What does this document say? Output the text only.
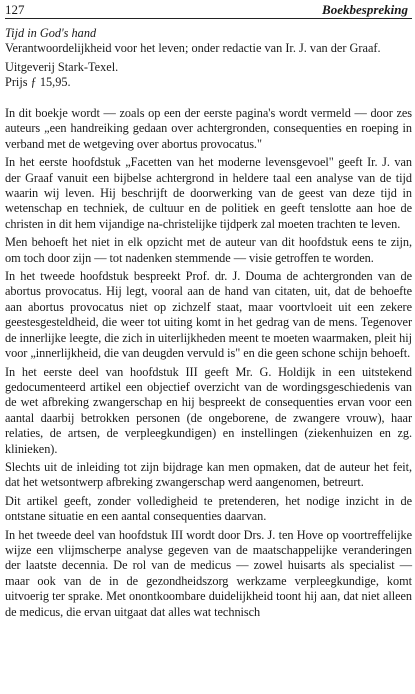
127	Boekbespreking
Tijd in God's hand
Verantwoordelijkheid voor het leven; onder redactie van Ir. J. van der Graaf.
Uitgeverij Stark-Texel.
Prijs ƒ 15,95.

In dit boekje wordt — zoals op een der eerste pagina's wordt vermeld — door zes auteurs „een handreiking gedaan over achtergronden, consequenties en roeping in verband met de wetgeving over abortus provocatus."

In het eerste hoofdstuk „Facetten van het moderne levensgevoel" geeft Ir. J. van der Graaf vanuit een bijbelse achtergrond in heldere taal een analyse van de tijd waarin wij leven. Hij beschrijft de doorwerking van de geest van deze tijd in wetenschap en techniek, de cultuur en de politiek en geeft tenslotte aan hoe de christen in dit hem vijandige na-christelijke tijdperk zal moeten trachten te leven.

Men behoeft het niet in elk opzicht met de auteur van dit hoofdstuk eens te zijn, om toch door zijn — tot nadenken stemmende — visie getroffen te worden.

In het tweede hoofdstuk bespreekt Prof. dr. J. Douma de achtergronden van de abortus provocatus. Hij legt, vooral aan de hand van citaten, uit, dat de behoefte aan abortus provocatus niet op zichzelf staat, maar voortvloeit uit een zekere geestesgesteldheid, die weer tot uiting komt in het gedrag van de mens. Tegenover de innerlijke leegte, die zich in uiterlijkheden meent te moeten waarmaken, pleit hij voor „innerlijkheid, die van deugden vervuld is" en die geen schone schijn behoeft.

In het eerste deel van hoofdstuk III geeft Mr. G. Holdijk in een uitstekend gedocumenteerd artikel een objectief overzicht van de wordingsgeschiedenis van de wet afbreking zwangerschap en hij bespreekt de consequenties ervan voor een aantal daarbij betrokken personen (de ongeborene, de zwangere vrouw), haar relaties, de artsen, de verpleegkundigen) en instellingen (ziekenhuizen en zg. klinieken).

Slechts uit de inleiding tot zijn bijdrage kan men opmaken, dat de auteur het feit, dat het wetsontwerp afbreking zwangerschap werd aangenomen, betreurt.

Dit artikel geeft, zonder volledigheid te pretenderen, het nodige inzicht in de ontstane situatie en een aantal consequenties daarvan.

In het tweede deel van hoofdstuk III wordt door Drs. J. ten Hove op voortreffelijke wijze een vlijmscherpe analyse gegeven van de maatschappelijke veranderingen der laatste decennia. De rol van de medicus — zowel huisarts als specialist — maar ook van de in de gezondheidszorg werkzame verpleegkundige, komt uitvoerig ter sprake. Met onontkoombare duidelijkheid toont hij aan, dat niet alleen de medicus, die ervan uitgaat dat alles wat technisch
